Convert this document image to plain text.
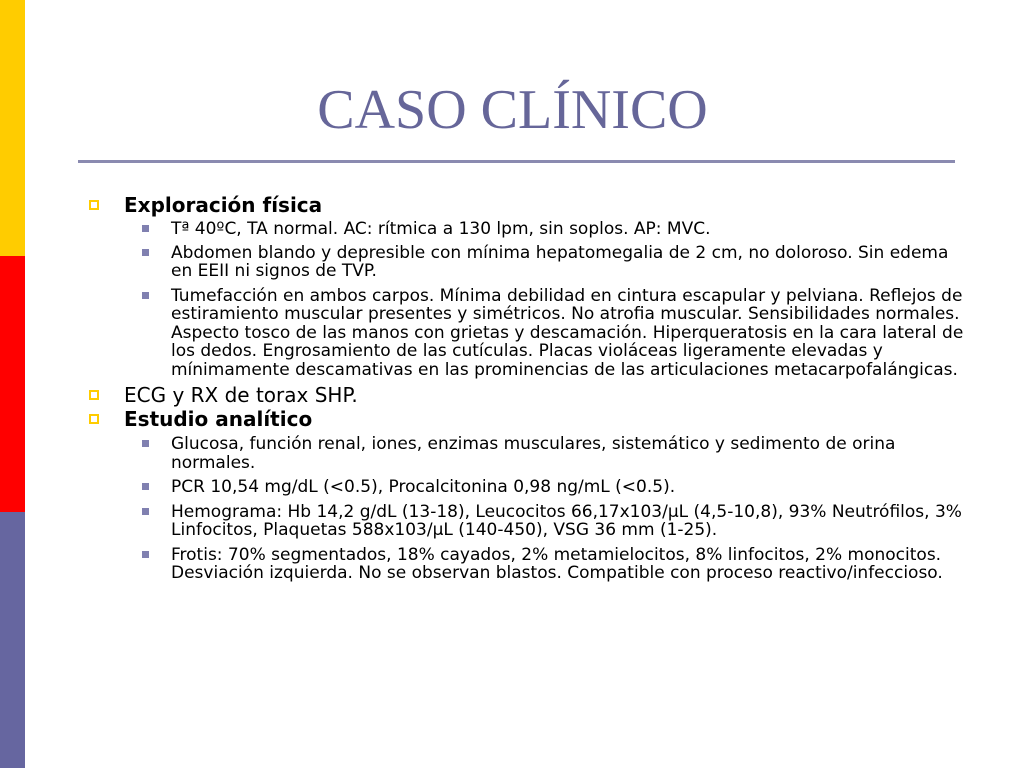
CASO CLÍNICO
Exploración física
Tª 40ºC, TA normal. AC: rítmica a 130 lpm, sin soplos. AP: MVC.
Abdomen blando y depresible con mínima hepatomegalia de 2 cm, no doloroso. Sin edema en EEII ni signos de TVP.
Tumefacción en ambos carpos. Mínima debilidad en cintura escapular y pelviana. Reflejos de estiramiento muscular presentes y simétricos. No atrofia muscular. Sensibilidades normales. Aspecto tosco de las manos con grietas y descamación. Hiperqueratosis en la cara lateral de los dedos. Engrosamiento de las cutículas. Placas violáceas ligeramente elevadas y mínimamente descamativas en las prominencias de las articulaciones metacarpofalángicas.
ECG y RX de torax SHP.
Estudio analítico
Glucosa, función renal, iones, enzimas musculares, sistemático y sedimento de orina normales.
PCR 10,54 mg/dL (<0.5), Procalcitonina 0,98 ng/mL (<0.5).
Hemograma: Hb 14,2 g/dL (13-18), Leucocitos 66,17x103/µL (4,5-10,8), 93% Neutrófilos, 3% Linfocitos, Plaquetas 588x103/µL (140-450), VSG 36 mm (1-25).
Frotis: 70% segmentados, 18% cayados, 2% metamielocitos, 8% linfocitos, 2% monocitos. Desviación izquierda. No se observan blastos. Compatible con proceso reactivo/infeccioso.
